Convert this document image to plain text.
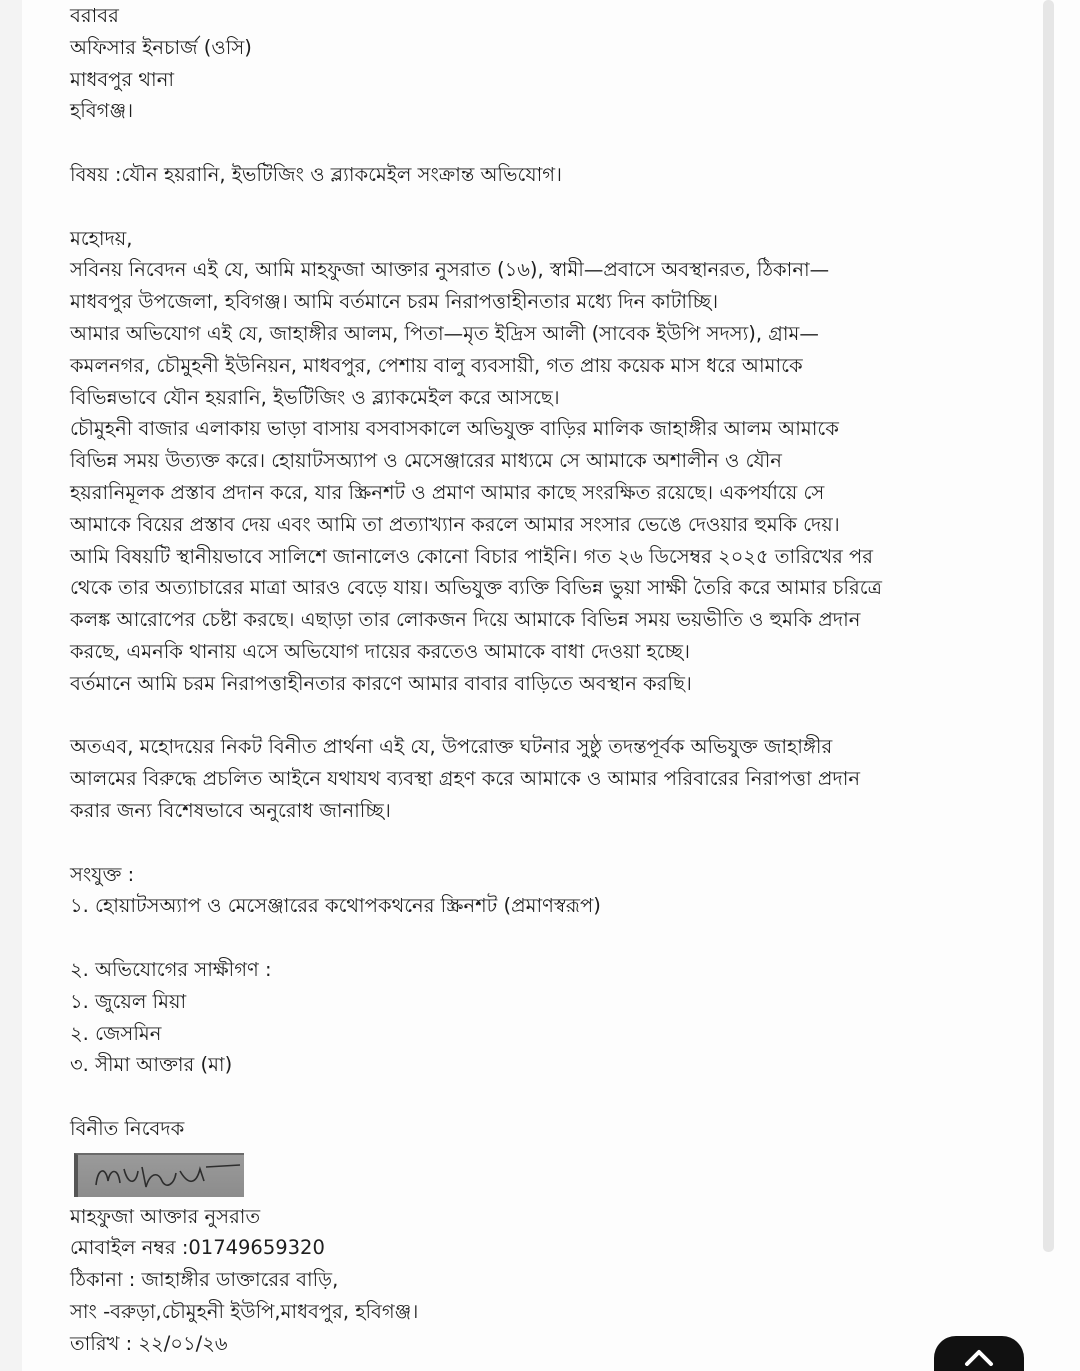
বরাবর
অফিসার ইনচার্জ (ওসি)
মাধবপুর থানা
হবিগঞ্জ।
বিষয় :যৌন হয়রানি, ইভটিজিং ও ব্ল্যাকমেইল সংক্রান্ত অভিযোগ।
মহোদয়,
সবিনয় নিবেদন এই যে, আমি মাহফুজা আক্তার নুসরাত (১৬), স্বামী—প্রবাসে অবস্থানরত, ঠিকানা—
মাধবপুর উপজেলা, হবিগঞ্জ। আমি বর্তমানে চরম নিরাপত্তাহীনতার মধ্যে দিন কাটাচ্ছি।
আমার অভিযোগ এই যে, জাহাঙ্গীর আলম, পিতা—মৃত ইদ্রিস আলী (সাবেক ইউপি সদস্য), গ্রাম—
কমলনগর, চৌমুহনী ইউনিয়ন, মাধবপুর, পেশায় বালু ব্যবসায়ী, গত প্রায় কয়েক মাস ধরে আমাকে
বিভিন্নভাবে যৌন হয়রানি, ইভটিজিং ও ব্ল্যাকমেইল করে আসছে।
চৌমুহনী বাজার এলাকায় ভাড়া বাসায় বসবাসকালে অভিযুক্ত বাড়ির মালিক জাহাঙ্গীর আলম আমাকে
বিভিন্ন সময় উত্যক্ত করে। হোয়াটসঅ্যাপ ও মেসেঞ্জারের মাধ্যমে সে আমাকে অশালীন ও যৌন
হয়রানিমূলক প্রস্তাব প্রদান করে, যার স্ক্রিনশট ও প্রমাণ আমার কাছে সংরক্ষিত রয়েছে। একপর্যায়ে সে
আমাকে বিয়ের প্রস্তাব দেয় এবং আমি তা প্রত্যাখ্যান করলে আমার সংসার ভেঙে দেওয়ার হুমকি দেয়।
আমি বিষয়টি স্থানীয়ভাবে সালিশে জানালেও কোনো বিচার পাইনি। গত ২৬ ডিসেম্বর ২০২৫ তারিখের পর
থেকে তার অত্যাচারের মাত্রা আরও বেড়ে যায়। অভিযুক্ত ব্যক্তি বিভিন্ন ভুয়া সাক্ষী তৈরি করে আমার চরিত্রে
কলঙ্ক আরোপের চেষ্টা করছে। এছাড়া তার লোকজন দিয়ে আমাকে বিভিন্ন সময় ভয়ভীতি ও হুমকি প্রদান
করছে, এমনকি থানায় এসে অভিযোগ দায়ের করতেও আমাকে বাধা দেওয়া হচ্ছে।
বর্তমানে আমি চরম নিরাপত্তাহীনতার কারণে আমার বাবার বাড়িতে অবস্থান করছি।
অতএব, মহোদয়ের নিকট বিনীত প্রার্থনা এই যে, উপরোক্ত ঘটনার সুষ্ঠু তদন্তপূর্বক অভিযুক্ত জাহাঙ্গীর
আলমের বিরুদ্ধে প্রচলিত আইনে যথাযথ ব্যবস্থা গ্রহণ করে আমাকে ও আমার পরিবারের নিরাপত্তা প্রদান
করার জন্য বিশেষভাবে অনুরোধ জানাচ্ছি।
সংযুক্ত :
১. হোয়াটসঅ্যাপ ও মেসেঞ্জারের কথোপকথনের স্ক্রিনশট (প্রমাণস্বরূপ)
২. অভিযোগের সাক্ষীগণ :
১. জুয়েল মিয়া
২. জেসমিন
৩. সীমা আক্তার (মা)
বিনীত নিবেদক
মাহফুজা আক্তার নুসরাত
মোবাইল নম্বর :01749659320
ঠিকানা : জাহাঙ্গীর ডাক্তারের বাড়ি,
সাং -বরুড়া,চৌমুহনী ইউপি,মাধবপুর, হবিগঞ্জ।
তারিখ : ২২/০১/২৬
